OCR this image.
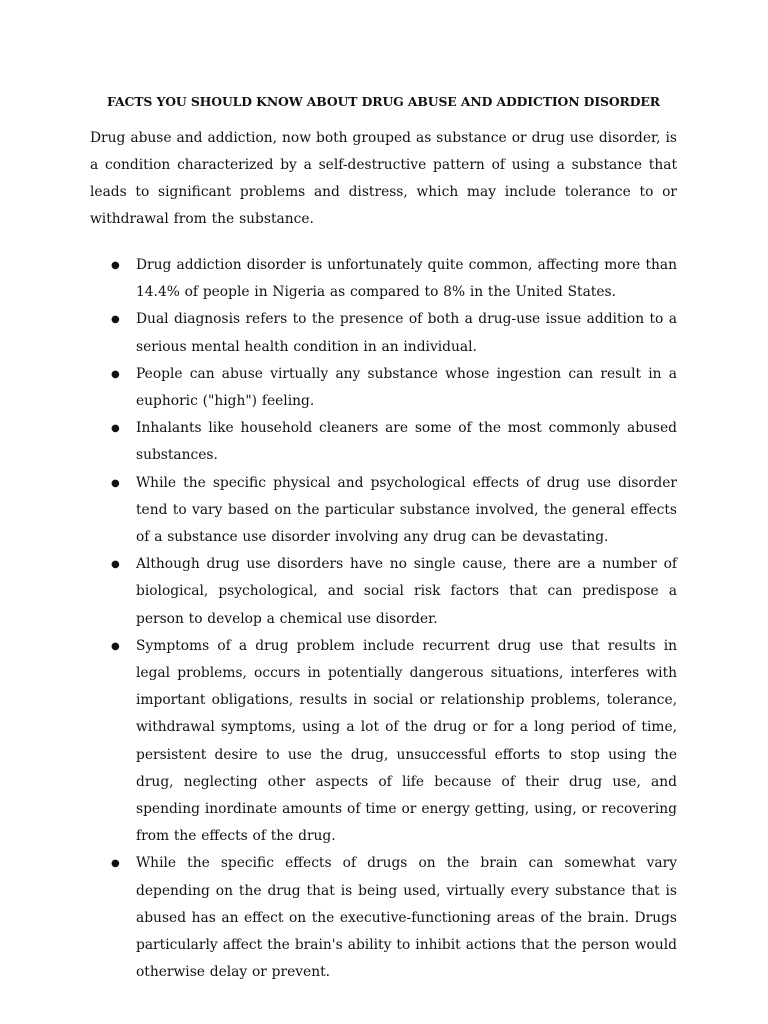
FACTS YOU SHOULD KNOW ABOUT DRUG ABUSE AND ADDICTION DISORDER

Drug abuse and addiction, now both grouped as substance or drug use disorder, is a condition characterized by a self-destructive pattern of using a substance that leads to significant problems and distress, which may include tolerance to or withdrawal from the substance.

● Drug addiction disorder is unfortunately quite common, affecting more than 14.4% of people in Nigeria as compared to 8% in the United States.
● Dual diagnosis refers to the presence of both a drug-use issue addition to a serious mental health condition in an individual.
● People can abuse virtually any substance whose ingestion can result in a euphoric ("high") feeling.
● Inhalants like household cleaners are some of the most commonly abused substances.
● While the specific physical and psychological effects of drug use disorder tend to vary based on the particular substance involved, the general effects of a substance use disorder involving any drug can be devastating.
● Although drug use disorders have no single cause, there are a number of biological, psychological, and social risk factors that can predispose a person to develop a chemical use disorder.
● Symptoms of a drug problem include recurrent drug use that results in legal problems, occurs in potentially dangerous situations, interferes with important obligations, results in social or relationship problems, tolerance, withdrawal symptoms, using a lot of the drug or for a long period of time, persistent desire to use the drug, unsuccessful efforts to stop using the drug, neglecting other aspects of life because of their drug use, and spending inordinate amounts of time or energy getting, using, or recovering from the effects of the drug.
● While the specific effects of drugs on the brain can somewhat vary depending on the drug that is being used, virtually every substance that is abused has an effect on the executive-functioning areas of the brain. Drugs particularly affect the brain's ability to inhibit actions that the person would otherwise delay or prevent.
